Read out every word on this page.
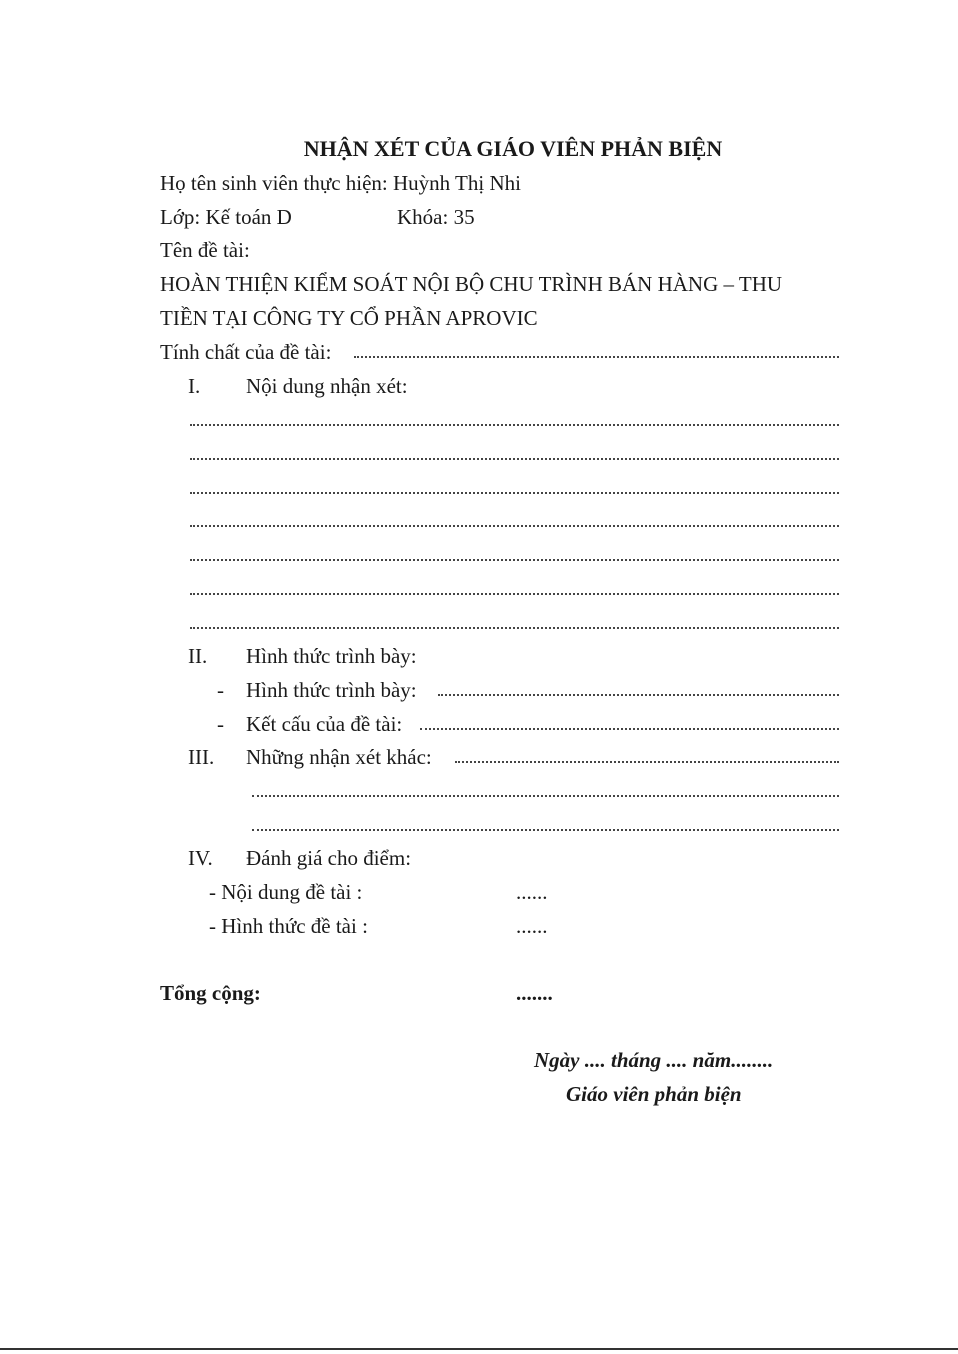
NHẬN XÉT CỦA GIÁO VIÊN PHẢN BIỆN
Họ tên sinh viên thực hiện: Huỳnh Thị Nhi
Lớp: Kế toán D	Khóa: 35
Tên đề tài:
HOÀN THIỆN KIỂM SOÁT NỘI BỘ CHU TRÌNH BÁN HÀNG – THU
TIỀN TẠI CÔNG TY CỔ PHẦN APROVIC
Tính chất của đề tài:
I. Nội dung nhận xét:
II. Hình thức trình bày:
- Hình thức trình bày:
- Kết cấu của đề tài:
III. Những nhận xét khác:
IV. Đánh giá cho điểm:
- Nội dung đề tài :	......
- Hình thức đề tài :	......
Tổng cộng:	.......
Ngày .... tháng .... năm........
Giáo viên phản biện
